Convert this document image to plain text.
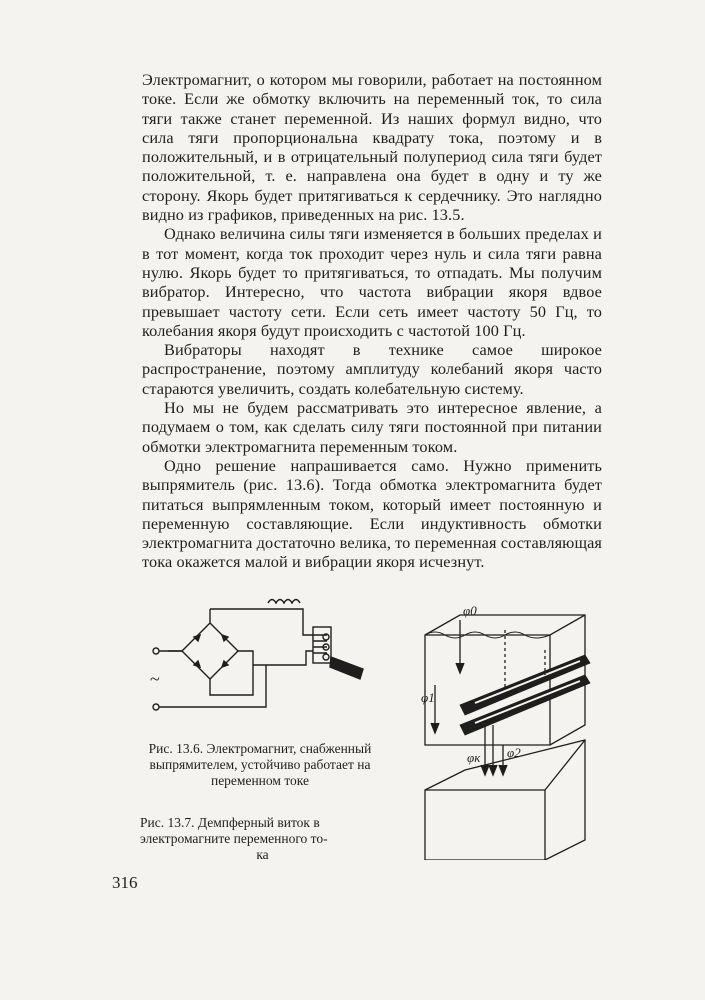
Электромагнит, о котором мы говорили, работает на постоянном токе. Если же обмотку включить на переменный ток, то сила тяги также станет переменной. Из наших формул видно, что сила тяги пропорциональна квадрату тока, поэтому и в положительный, и в отрицательный полупериод сила тяги будет положительной, т. е. направлена она будет в одну и ту же сторону. Якорь будет притягиваться к сердечнику. Это наглядно видно из графиков, приведенных на рис. 13.5.

Однако величина силы тяги изменяется в больших пределах и в тот момент, когда ток проходит через нуль и сила тяги равна нулю. Якорь будет то притягиваться, то отпадать. Мы получим вибратор. Интересно, что частота вибрации якоря вдвое превышает частоту сети. Если сеть имеет частоту 50 Гц, то колебания якоря будут происходить с частотой 100 Гц.

Вибраторы находят в технике самое широкое распространение, поэтому амплитуду колебаний якоря часто стараются увеличить, создать колебательную систему.

Но мы не будем рассматривать это интересное явление, а подумаем о том, как сделать силу тяги постоянной при питании обмотки электромагнита переменным током.

Одно решение напрашивается само. Нужно применить выпрямитель (рис. 13.6). Тогда обмотка электромагнита будет питаться выпрямленным током, который имеет постоянную и переменную составляющие. Если индуктивность обмотки электромагнита достаточно велика, то переменная составляющая тока окажется малой и вибрации якоря исчезнут.

~
Рис. 13.6. Электромагнит, снабженный выпрямителем, устойчиво работает на переменном токе
φ0
φ1
φк φ2
Рис. 13.7. Демпферный виток в электромагните переменного то-
ка
316
